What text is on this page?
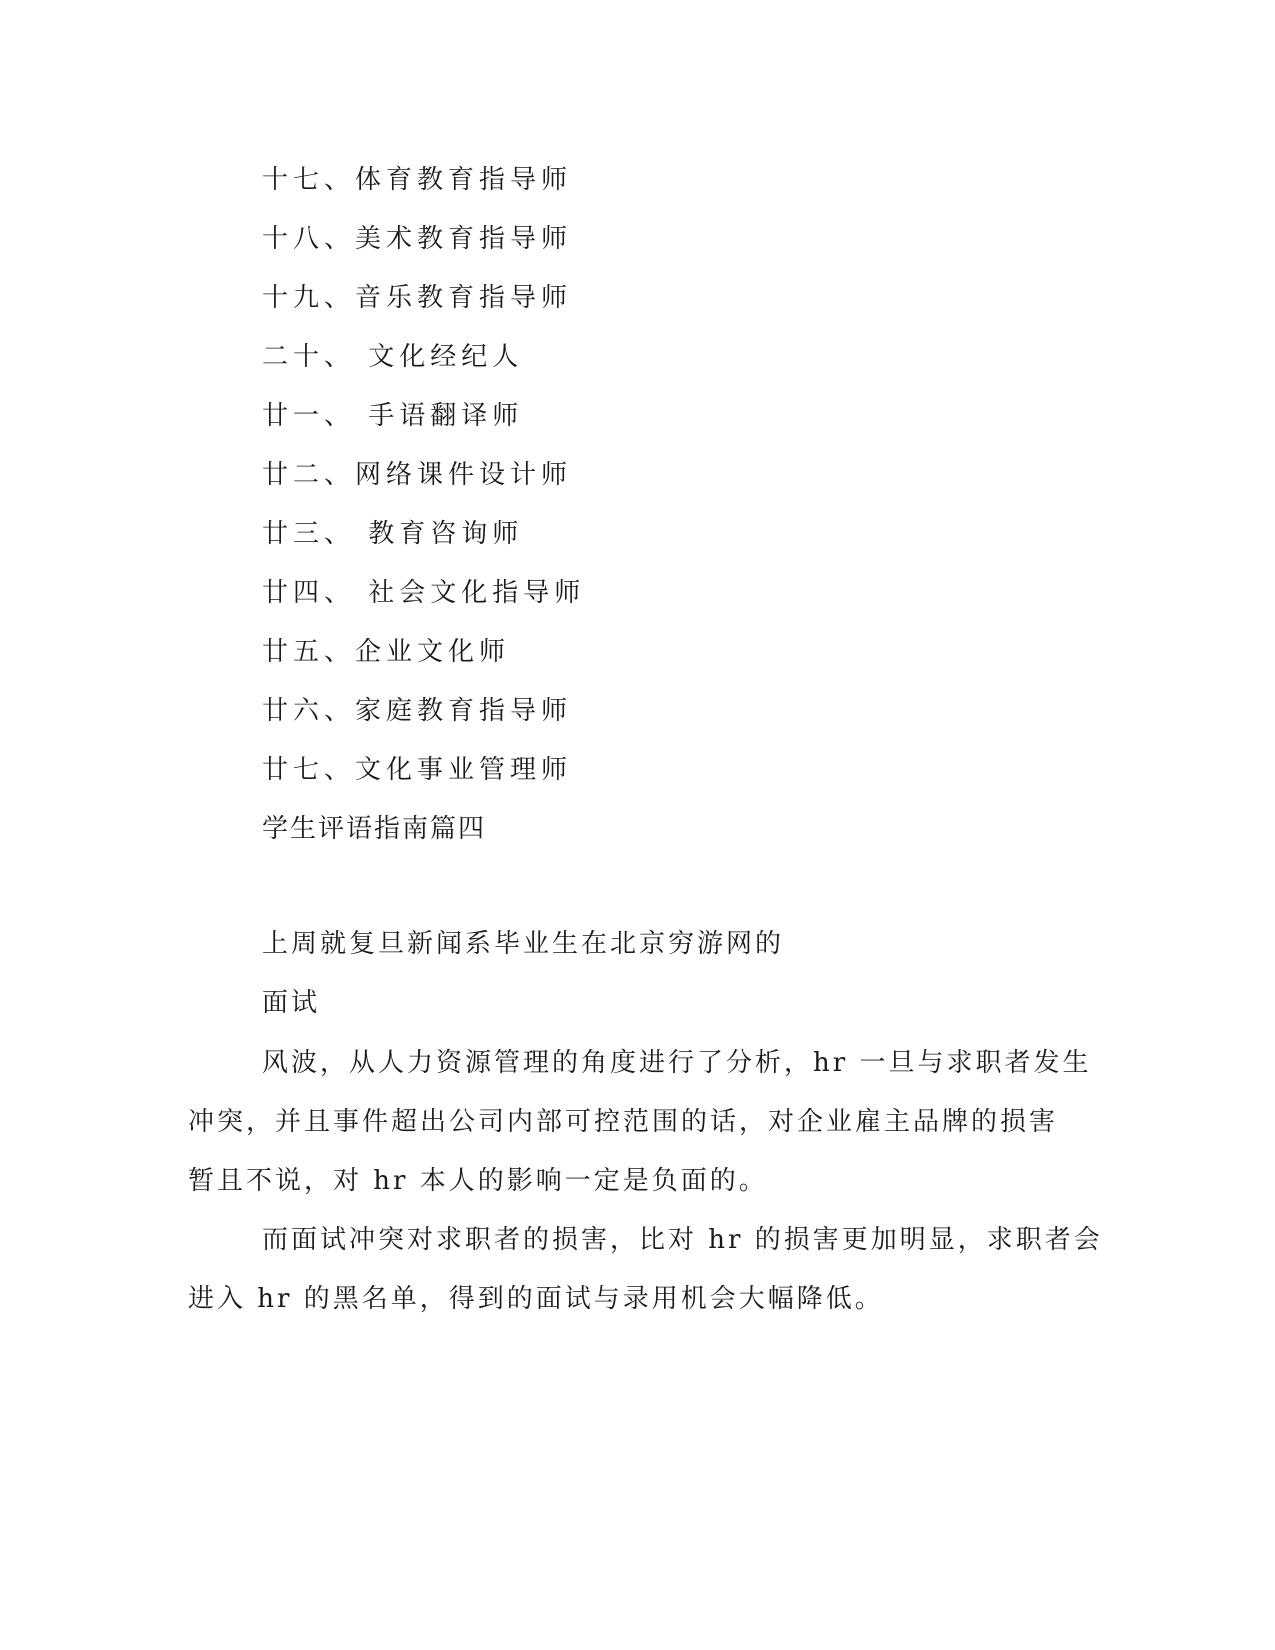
十七、体育教育指导师
十八、美术教育指导师
十九、音乐教育指导师
二十、 文化经纪人
廿一、 手语翻译师
廿二、网络课件设计师
廿三、 教育咨询师
廿四、 社会文化指导师
廿五、企业文化师
廿六、家庭教育指导师
廿七、文化事业管理师
学生评语指南篇四
上周就复旦新闻系毕业生在北京穷游网的
面试
风波，从人力资源管理的角度进行了分析，hr 一旦与求职者发生
冲突，并且事件超出公司内部可控范围的话，对企业雇主品牌的损害
暂且不说，对 hr 本人的影响一定是负面的。
而面试冲突对求职者的损害，比对 hr 的损害更加明显，求职者会
进入 hr 的黑名单，得到的面试与录用机会大幅降低。
